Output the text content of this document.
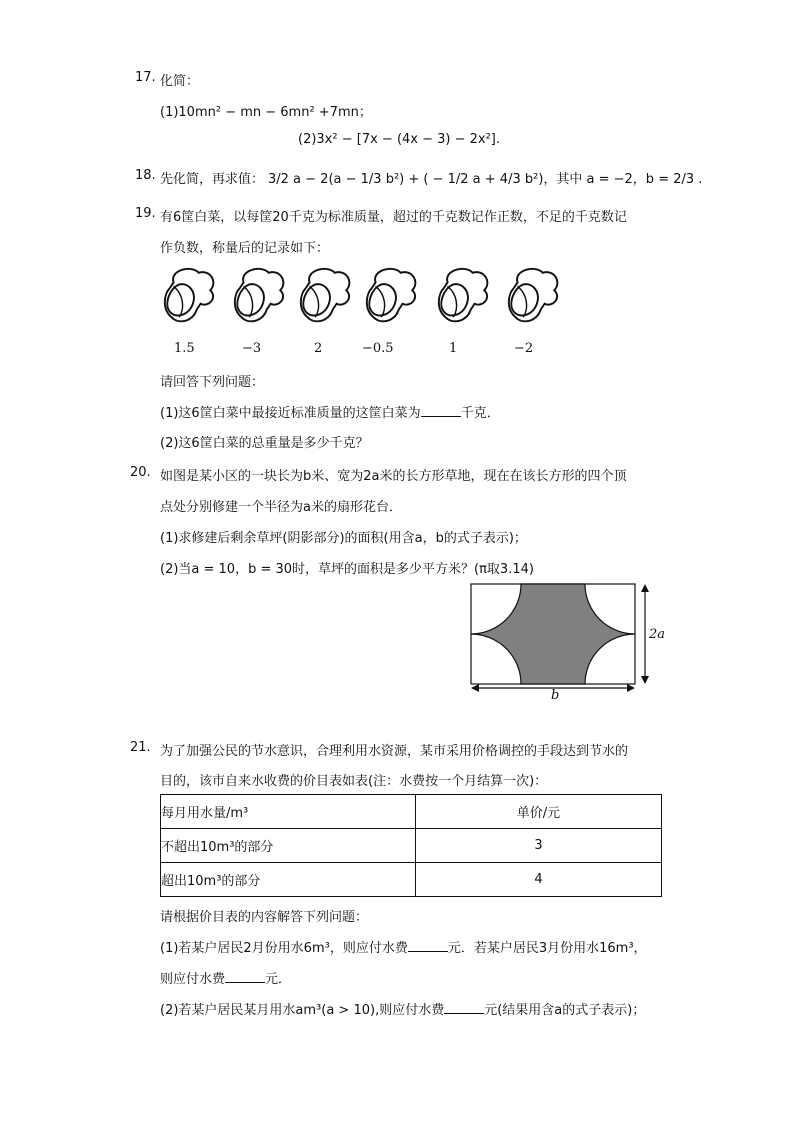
17. 化简：
(1)10mn² − mn − 6mn² +7mn；
(2)3x² − [7x − (4x − 3) − 2x²].
18. 先化简，再求值： 3/2 a − 2(a − 1/3 b²) + ( − 1/2 a + 4/3 b²)，其中 a = −2，b = 2/3 .
19. 有6筐白菜，以每筐20千克为标准质量，超过的千克数记作正数，不足的千克数记
作负数，称量后的记录如下：
1.5	−3	2	−0.5	1	−2
请回答下列问题：
(1)这6筐白菜中最接近标准质量的这筐白菜为	千克．
(2)这6筐白菜的总重量是多少千克？
20. 如图是某小区的一块长为b米、宽为2a米的长方形草地，现在在该长方形的四个顶
点处分别修建一个半径为a米的扇形花台．
(1)求修建后剩余草坪(阴影部分)的面积(用含a，b的式子表示)；
(2)当a = 10，b = 30时，草坪的面积是多少平方米？(π取3.14)
2a
b
21. 为了加强公民的节水意识，合理利用水资源，某市采用价格调控的手段达到节水的
目的，该市自来水收费的价目表如表(注：水费按一个月结算一次)：
每月用水量/m³	单价/元
不超出10m³的部分	3
超出10m³的部分	4
请根据价目表的内容解答下列问题：
(1)若某户居民2月份用水6m³，则应付水费	元．若某户居民3月份用水16m³，
则应付水费	元．
(2)若某户居民某月用水am³(a > 10),则应付水费	元(结果用含a的式子表示)；
